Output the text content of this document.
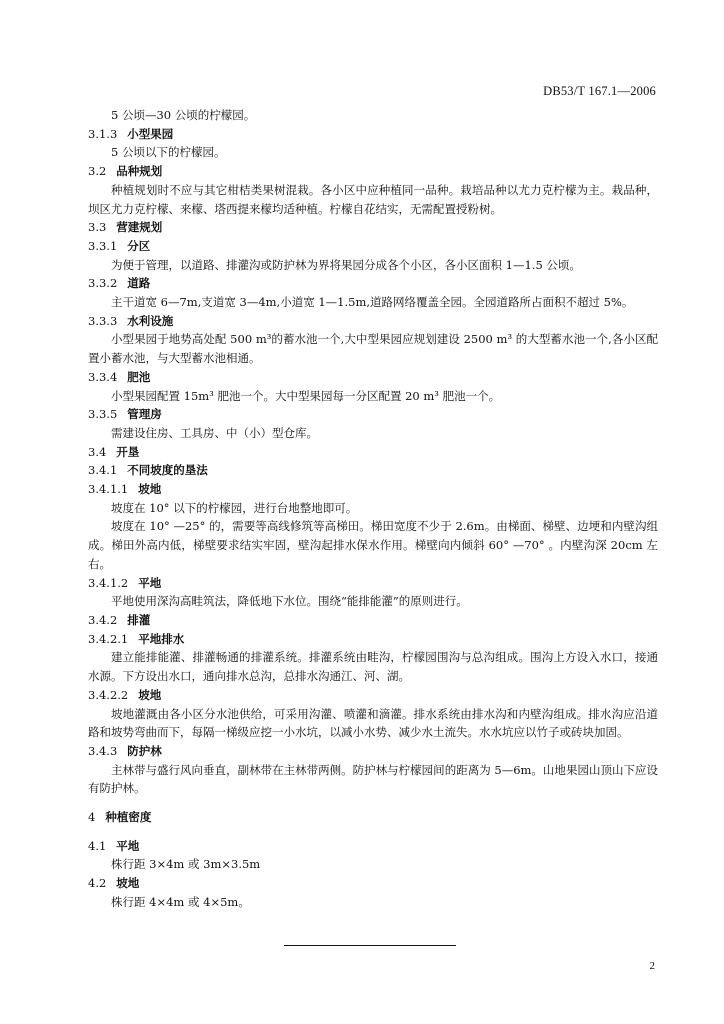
DB53/T 167.1—2006
5 公顷—30 公顷的柠檬园。
3.1.3 小型果园
5 公顷以下的柠檬园。
3.2 品种规划
种植规划时不应与其它柑桔类果树混栽。各小区中应种植同一品种。栽培品种以尤力克柠檬为主。栽品种，坝区尤力克柠檬、来檬、塔西提来檬均适种植。柠檬自花结实，无需配置授粉树。
3.3 营建规划
3.3.1 分区
为便于管理，以道路、排灌沟或防护林为界将果园分成各个小区，各小区面积 1—1.5 公顷。
3.3.2 道路
主干道宽 6—7m,支道宽 3—4m,小道宽 1—1.5m,道路网络覆盖全园。全园道路所占面积不超过 5%。
3.3.3 水利设施
小型果园于地势高处配 500 m³的蓄水池一个,大中型果园应规划建设 2500 m³ 的大型蓄水池一个,各小区配置小蓄水池，与大型蓄水池相通。
3.3.4 肥池
小型果园配置 15m³ 肥池一个。大中型果园每一分区配置 20 m³ 肥池一个。
3.3.5 管理房
需建设住房、工具房、中（小）型仓库。
3.4 开垦
3.4.1 不同坡度的垦法
3.4.1.1 坡地
坡度在 10° 以下的柠檬园，进行台地整地即可。
坡度在 10° —25° 的，需要等高线修筑等高梯田。梯田宽度不少于 2.6m。由梯面、梯壁、边埂和内壁沟组成。梯田外高内低，梯壁要求结实牢固，壁沟起排水保水作用。梯壁向内倾斜 60° —70° 。内壁沟深 20cm 左右。
3.4.1.2 平地
平地使用深沟高畦筑法，降低地下水位。围绕“能排能灌”的原则进行。
3.4.2 排灌
3.4.2.1 平地排水
建立能排能灌、排灌畅通的排灌系统。排灌系统由畦沟，柠檬园围沟与总沟组成。围沟上方设入水口，接通水源。下方设出水口，通向排水总沟，总排水沟通江、河、湖。
3.4.2.2 坡地
坡地灌溉由各小区分水池供给，可采用沟灌、喷灌和滴灌。排水系统由排水沟和内壁沟组成。排水沟应沿道路和坡势弯曲而下，每隔一梯级应挖一小水坑，以减小水势、减少水土流失。水水坑应以竹子或砖块加固。
3.4.3 防护林
主林带与盛行风向垂直，副林带在主林带两侧。防护林与柠檬园间的距离为 5—6m。山地果园山顶山下应设有防护林。
4 种植密度
4.1 平地
株行距 3×4m 或 3m×3.5m
4.2 坡地
株行距 4×4m 或 4×5m。
2
